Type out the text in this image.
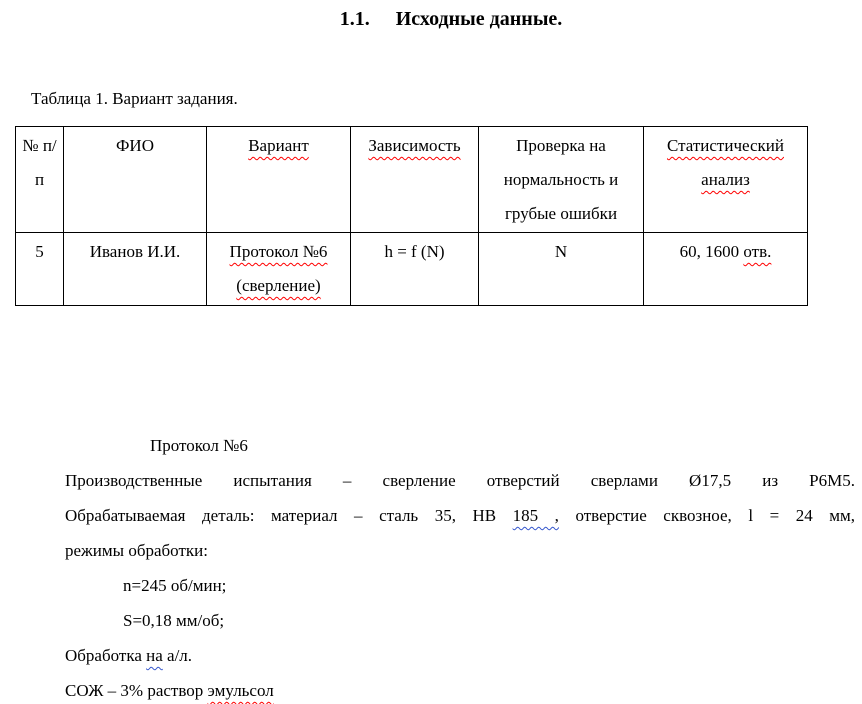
1.1. Исходные данные.
Таблица 1. Вариант задания.
№ п/п	ФИО	Вариант	Зависимость	Проверка на нормальность и грубые ошибки	Статистический анализ
5	Иванов И.И.	Протокол №6 (сверление)	h = f (N)	N	60, 1600 отв.
Протокол №6
Производственные испытания – сверление отверстий сверлами Ø17,5 из Р6М5.
Обрабатываемая деталь: материал – сталь 35, НВ 185 , отверстие сквозное, l = 24 мм,
режимы обработки:
n=245 об/мин;
S=0,18 мм/об;
Обработка на а/л.
СОЖ – 3% раствор эмульсол
